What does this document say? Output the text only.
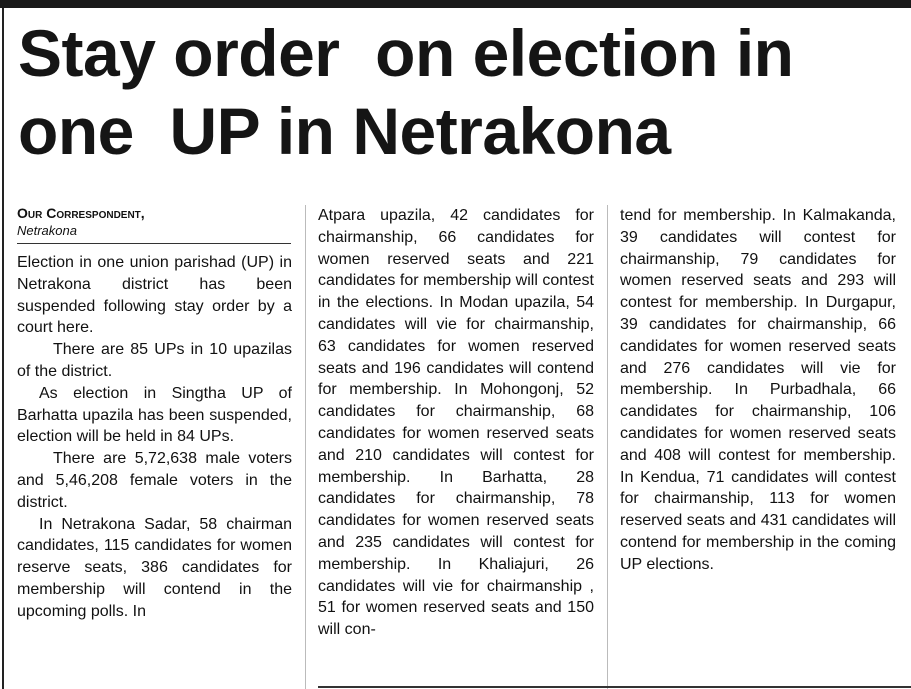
Stay order  on election in
one  UP in Netrakona

Our Correspondent,

Netrakona

Election in one union parishad (UP) in Netrakona district has been suspended following stay order by a court here.

There are 85 UPs in 10 upazilas of the district.

As election in Singtha UP of Barhatta upazila has been suspended, election will be held in 84 UPs.

There are 5,72,638 male voters and 5,46,208 female voters in the district.

In Netrakona Sadar, 58 chairman candidates, 115 candidates for women reserve seats, 386 candidates for membership will contend in the upcoming polls. In

Atpara upazila, 42 candidates for chairmanship, 66 candidates for women reserved seats and 221 candidates for membership will contest in the elections. In Modan upazila, 54 candidates will vie for chairmanship, 63 candidates for women reserved seats and 196 candidates will contend for membership. In Mohongonj, 52 candidates for chairmanship, 68 candidates for women reserved seats and 210 candidates will contest for membership. In Barhatta, 28 candidates for chairmanship, 78 candidates for women reserved seats and 235 candidates will contest for membership. In Khaliajuri, 26 candidates will vie for chairmanship , 51 for women reserved seats and 150 will con-

tend for membership. In Kalmakanda, 39 candidates will contest for chairmanship, 79 candidates for women reserved seats and 293 will contest for membership. In Durgapur, 39 candidates for chairmanship, 66 candidates for women reserved seats and 276 candidates will vie for membership. In Purbadhala, 66 candidates for chairmanship, 106 candidates for women reserved seats and 408 will contest for membership. In Kendua, 71 candidates will contest for chairmanship, 113 for women reserved seats and 431 candidates will contend for membership in the coming UP elections.
